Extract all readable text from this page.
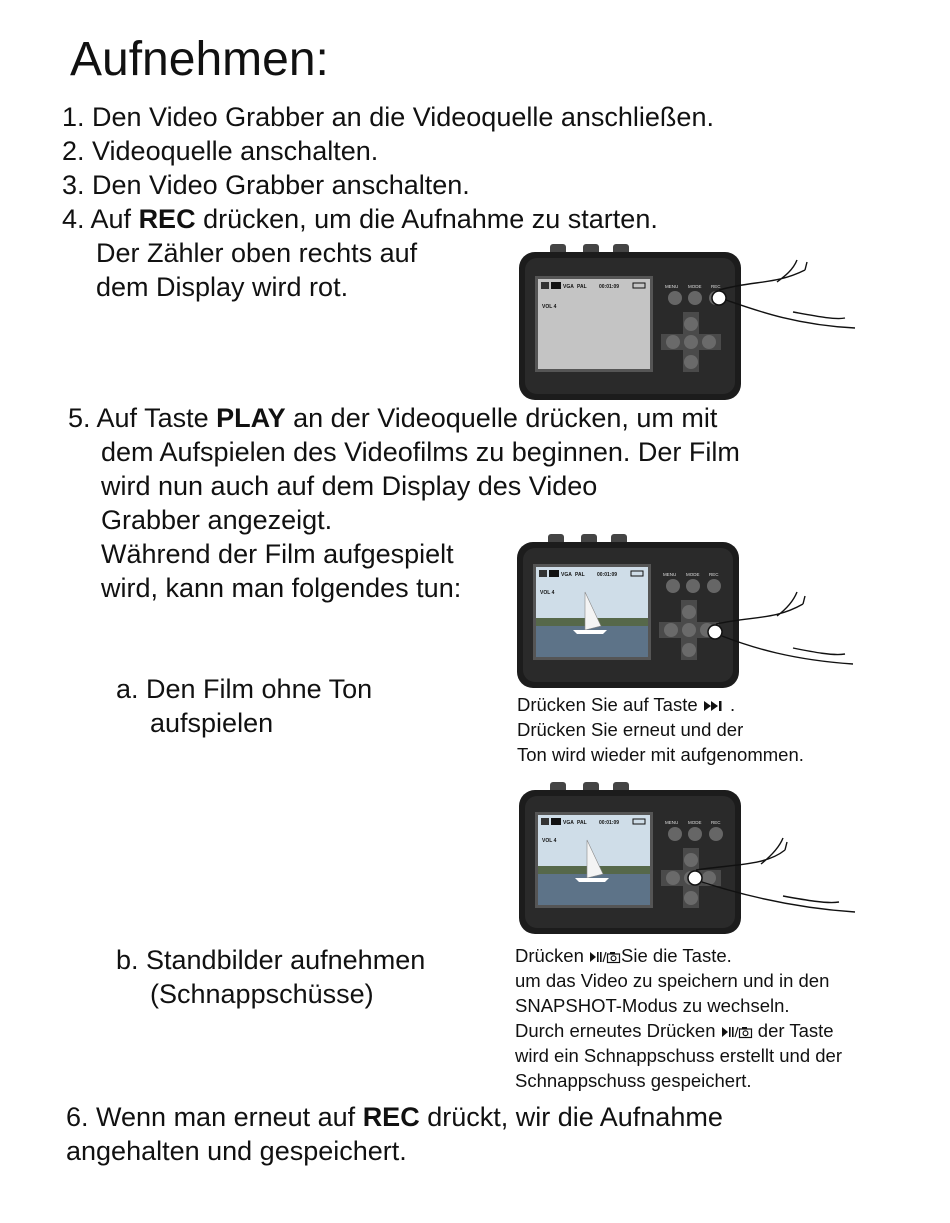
Aufnehmen:
1. Den Video Grabber an die Videoquelle anschließen.
2. Videoquelle anschalten.
3. Den Video Grabber anschalten.
4. Auf REC drücken, um die Aufnahme zu starten.
Der Zähler oben rechts auf
dem Display wird rot.	VGA PAL 00:01:09
VOL 4
MENU MODE REC
5. Auf Taste PLAY an der Videoquelle drücken, um mit
dem Aufspielen des Videofilms zu beginnen. Der Film
wird nun auch auf dem Display des Video
Grabber angezeigt.
Während der Film aufgespielt
wird, kann man folgendes tun:	VGA PAL 00:01:09
VOL 4
MENU MODE REC
a. Den Film ohne Ton
aufspielen
Drücken Sie auf Taste .
Drücken Sie erneut und der
Ton wird wieder mit aufgenommen.
VGA PAL 00:01:09
VOL 4
MENU MODE REC
b. Standbilder aufnehmen
(Schnappschüsse)
Drücken Sie die Taste.
um das Video zu speichern und in den
SNAPSHOT-Modus zu wechseln.
Durch erneutes Drücken der Taste
wird ein Schnappschuss erstellt und der
Schnappschuss gespeichert.
6. Wenn man erneut auf REC drückt, wir die Aufnahme
angehalten und gespeichert.
